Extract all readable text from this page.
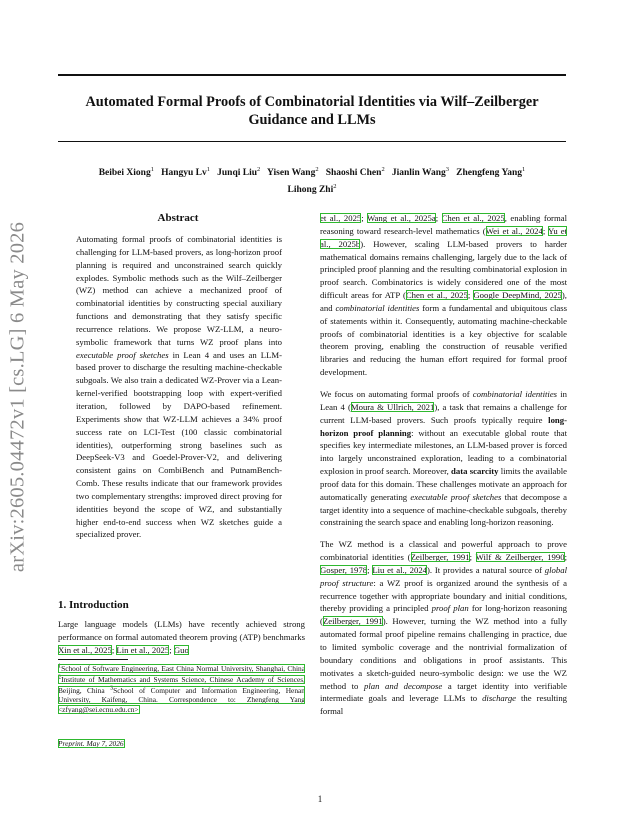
arXiv:2605.04472v1 [cs.LG] 6 May 2026
Automated Formal Proofs of Combinatorial Identities via Wilf–Zeilberger
Guidance and LLMs
Beibei Xiong$^1$ Hangyu Lv$^1$ Junqi Liu$^2$ Yisen Wang$^2$ Shaoshi Chen$^2$ Jianlin Wang$^3$ Zhengfeng Yang$^1$
Lihong Zhi$^2$
Abstract
Automating formal proofs of combinatorial identities is challenging for LLM-based provers, as long-horizon proof planning is required and unconstrained search quickly explodes. Symbolic methods such as the Wilf–Zeilberger (WZ) method can achieve a mechanized proof of combinatorial identities by constructing special auxiliary functions and demonstrating that they satisfy specific recurrence relations. We propose WZ-LLM, a neuro-symbolic framework that turns WZ proof plans into executable proof sketches in Lean 4 and uses an LLM-based prover to discharge the resulting machine-checkable subgoals. We also train a dedicated WZ-Prover via a Lean-kernel-verified bootstrapping loop with expert-verified iteration, followed by DAPO-based refinement. Experiments show that WZ-LLM achieves a 34% proof success rate on LCI-Test (100 classic combinatorial identities), outperforming strong baselines such as DeepSeek-V3 and Goedel-Prover-V2, and delivering consistent gains on CombiBench and PutnamBench-Comb. These results indicate that our framework provides two complementary strengths: improved direct proving for identities beyond the scope of WZ, and substantially higher end-to-end success when WZ sketches guide a specialized prover.
1. Introduction
Large language models (LLMs) have recently achieved strong performance on formal automated theorem proving (ATP) benchmarks Xin et al., 2025; Lin et al., 2025; Guo
$^1$School of Software Engineering, East China Normal University, Shanghai, China $^2$Institute of Mathematics and Systems Science, Chinese Academy of Sciences, Beijing, China $^3$School of Computer and Information Engineering, Henan University, Kaifeng, China. Correspondence to: Zhengfeng Yang <zfyang@sei.ecnu.edu.cn>.
Preprint. May 7, 2026.

et al., 2025; Wang et al., 2025a; Chen et al., 2025, enabling formal reasoning toward research-level mathematics (Wei et al., 2024; Yu et al., 2025b). However, scaling LLM-based provers to harder mathematical domains remains challenging, largely due to the lack of principled proof planning and the resulting combinatorial explosion in proof search. Combinatorics is widely considered one of the most difficult areas for ATP (Chen et al., 2025; Google DeepMind, 2025), and combinatorial identities form a fundamental and ubiquitous class of statements within it. Consequently, automating machine-checkable proofs of combinatorial identities is a key objective for scalable theorem proving, enabling the construction of reusable verified libraries and reducing the human effort required for formal proof development.

We focus on automating formal proofs of combinatorial identities in Lean 4 (Moura & Ullrich, 2021), a task that remains a challenge for current LLM-based provers. Such proofs typically require long-horizon proof planning: without an executable global route that specifies key intermediate milestones, an LLM-based prover is forced into largely unconstrained exploration, leading to a combinatorial explosion in proof search. Moreover, data scarcity limits the available proof data for this domain. These challenges motivate an approach for automatically generating executable proof sketches that decompose a target identity into a sequence of machine-checkable subgoals, thereby constraining the search space and enabling long-horizon reasoning.

The WZ method is a classical and powerful approach to prove combinatorial identities (Zeilberger, 1991; Wilf & Zeilberger, 1990; Gosper, 1978; Liu et al., 2024). It provides a natural source of global proof structure: a WZ proof is organized around the synthesis of a recurrence together with appropriate boundary and initial conditions, thereby providing a principled proof plan for long-horizon reasoning (Zeilberger, 1991). However, turning the WZ method into a fully automated formal proof pipeline remains challenging in practice, due to limited symbolic coverage and the nontrivial formalization of boundary conditions and obligations in proof assistants. This motivates a sketch-guided neuro-symbolic design: we use the WZ method to plan and decompose a target identity into verifiable intermediate goals and leverage LLMs to discharge the resulting formal

1
